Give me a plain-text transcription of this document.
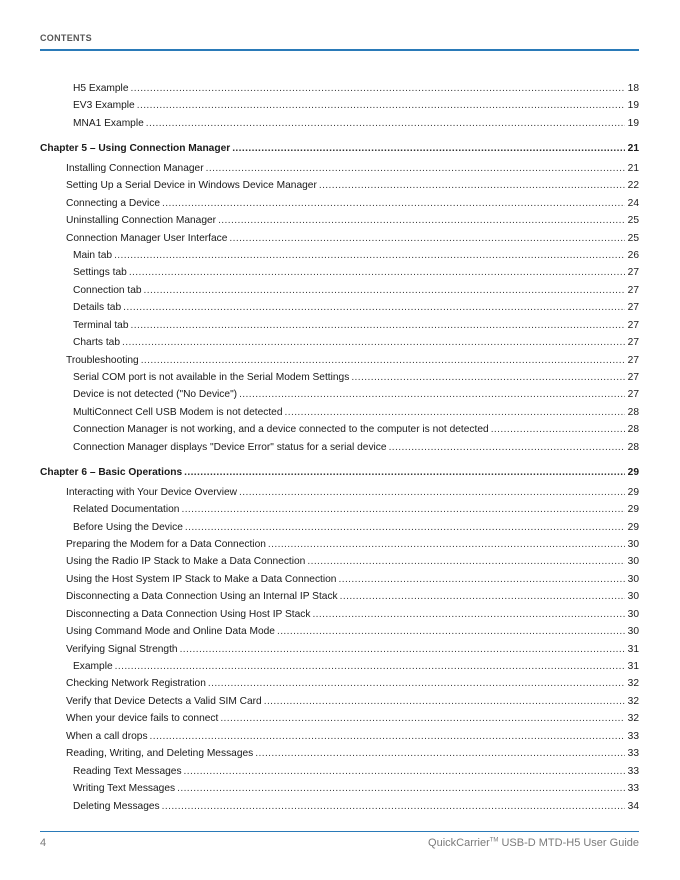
CONTENTS
H5 Example .....	18
EV3 Example .....	19
MNA1 Example .....	19
Chapter 5 – Using Connection Manager .....	21
Installing Connection Manager .....	21
Setting Up a Serial Device in Windows Device Manager .....	22
Connecting a Device .....	24
Uninstalling Connection Manager .....	25
Connection Manager User Interface .....	25
Main tab .....	26
Settings tab .....	27
Connection tab .....	27
Details tab .....	27
Terminal tab .....	27
Charts tab .....	27
Troubleshooting .....	27
Serial COM port is not available in the Serial Modem Settings .....	27
Device is not detected ("No Device") .....	27
MultiConnect Cell USB Modem is not detected .....	28
Connection Manager is not working, and a device connected to the computer is not detected .....	28
Connection Manager displays "Device Error" status for a serial device .....	28
Chapter 6 – Basic Operations .....	29
Interacting with Your Device Overview .....	29
Related Documentation .....	29
Before Using the Device .....	29
Preparing the Modem for a Data Connection .....	30
Using the Radio IP Stack to Make a Data Connection .....	30
Using the Host System IP Stack to Make a Data Connection .....	30
Disconnecting a Data Connection Using an Internal IP Stack .....	30
Disconnecting a Data Connection Using Host IP Stack .....	30
Using Command Mode and Online Data Mode .....	30
Verifying Signal Strength .....	31
Example .....	31
Checking Network Registration .....	32
Verify that Device Detects a Valid SIM Card .....	32
When your device fails to connect .....	32
When a call drops .....	33
Reading, Writing, and Deleting Messages .....	33
Reading Text Messages .....	33
Writing Text Messages .....	33
Deleting Messages .....	34
4	QuickCarrier™ USB-D MTD-H5 User Guide
